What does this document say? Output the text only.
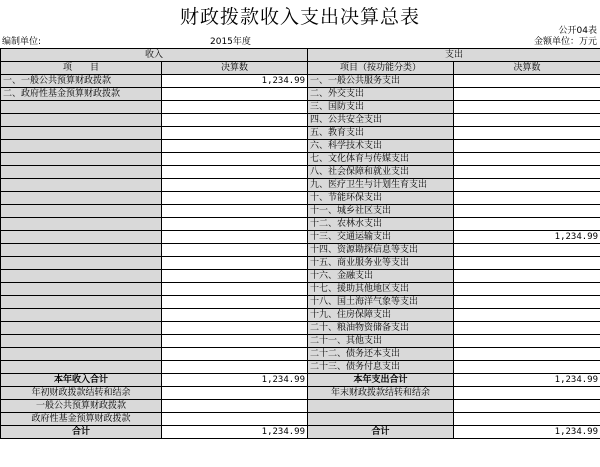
财政拨款收入支出决算总表
公开04表
编制单位:	2015年度	金额单位：万元
收入		支出	
项　　目	决算数	项目（按功能分类）	决算数
一、一般公共预算财政拨款	1,234.99	一、一般公共服务支出	
二、政府性基金预算财政拨款		二、外交支出	
		三、国防支出	
		四、公共安全支出	
		五、教育支出	
		六、科学技术支出	
		七、文化体育与传媒支出	
		八、社会保障和就业支出	
		九、医疗卫生与计划生育支出	
		十、节能环保支出	
		十一、城乡社区支出	
		十二、农林水支出	
		十三、交通运输支出	1,234.99
		十四、资源勘探信息等支出	
		十五、商业服务业等支出	
		十六、金融支出	
		十七、援助其他地区支出	
		十八、国土海洋气象等支出	
		十九、住房保障支出	
		二十、粮油物资储备支出	
		二十一、其他支出	
		二十二、债务还本支出	
		二十三、债务付息支出	
本年收入合计	1,234.99	本年支出合计	1,234.99
年初财政拨款结转和结余		年末财政拨款结转和结余	
一般公共预算财政拨款			
政府性基金预算财政拨款			
合计	1,234.99	合计	1,234.99
